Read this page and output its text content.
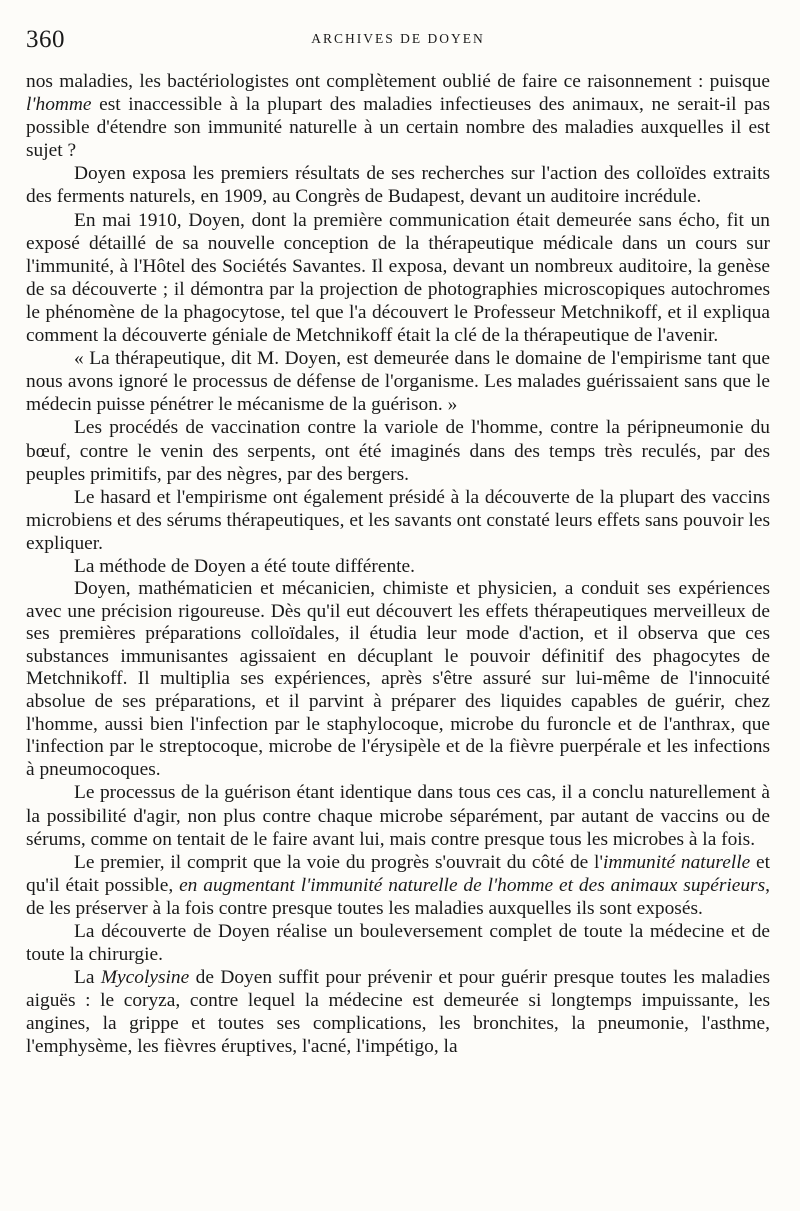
360	ARCHIVES DE DOYEN

nos maladies, les bactériologistes ont complètement oublié de faire ce raisonnement : puisque l'homme est inaccessible à la plupart des maladies infectieuses des animaux, ne serait-il pas possible d'étendre son immunité naturelle à un certain nombre des maladies auxquelles il est sujet ?

Doyen exposa les premiers résultats de ses recherches sur l'action des colloïdes extraits des ferments naturels, en 1909, au Congrès de Budapest, devant un auditoire incrédule.

En mai 1910, Doyen, dont la première communication était demeurée sans écho, fit un exposé détaillé de sa nouvelle conception de la thérapeutique médicale dans un cours sur l'immunité, à l'Hôtel des Sociétés Savantes. Il exposa, devant un nombreux auditoire, la genèse de sa découverte ; il démontra par la projection de photographies microscopiques autochromes le phénomène de la phagocytose, tel que l'a découvert le Professeur Metchnikoff, et il expliqua comment la découverte géniale de Metchnikoff était la clé de la thérapeutique de l'avenir.

« La thérapeutique, dit M. Doyen, est demeurée dans le domaine de l'empirisme tant que nous avons ignoré le processus de défense de l'organisme. Les malades guérissaient sans que le médecin puisse pénétrer le mécanisme de la guérison. »

Les procédés de vaccination contre la variole de l'homme, contre la péripneumonie du bœuf, contre le venin des serpents, ont été imaginés dans des temps très reculés, par des peuples primitifs, par des nègres, par des bergers.

Le hasard et l'empirisme ont également présidé à la découverte de la plupart des vaccins microbiens et des sérums thérapeutiques, et les savants ont constaté leurs effets sans pouvoir les expliquer.

La méthode de Doyen a été toute différente.

Doyen, mathématicien et mécanicien, chimiste et physicien, a conduit ses expériences avec une précision rigoureuse. Dès qu'il eut découvert les effets thérapeutiques merveilleux de ses premières préparations colloïdales, il étudia leur mode d'action, et il observa que ces substances immunisantes agissaient en décuplant le pouvoir définitif des phagocytes de Metchnikoff. Il multiplia ses expériences, après s'être assuré sur lui-même de l'innocuité absolue de ses préparations, et il parvint à préparer des liquides capables de guérir, chez l'homme, aussi bien l'infection par le staphylocoque, microbe du furoncle et de l'anthrax, que l'infection par le streptocoque, microbe de l'érysipèle et de la fièvre puerpérale et les infections à pneumocoques.

Le processus de la guérison étant identique dans tous ces cas, il a conclu naturellement à la possibilité d'agir, non plus contre chaque microbe séparément, par autant de vaccins ou de sérums, comme on tentait de le faire avant lui, mais contre presque tous les microbes à la fois.

Le premier, il comprit que la voie du progrès s'ouvrait du côté de l'immunité naturelle et qu'il était possible, en augmentant l'immunité naturelle de l'homme et des animaux supérieurs, de les préserver à la fois contre presque toutes les maladies auxquelles ils sont exposés.

La découverte de Doyen réalise un bouleversement complet de toute la médecine et de toute la chirurgie.

La Mycolysine de Doyen suffit pour prévenir et pour guérir presque toutes les maladies aiguës : le coryza, contre lequel la médecine est demeurée si longtemps impuissante, les angines, la grippe et toutes ses complications, les bronchites, la pneumonie, l'asthme, l'emphysème, les fièvres éruptives, l'acné, l'impétigo, la
